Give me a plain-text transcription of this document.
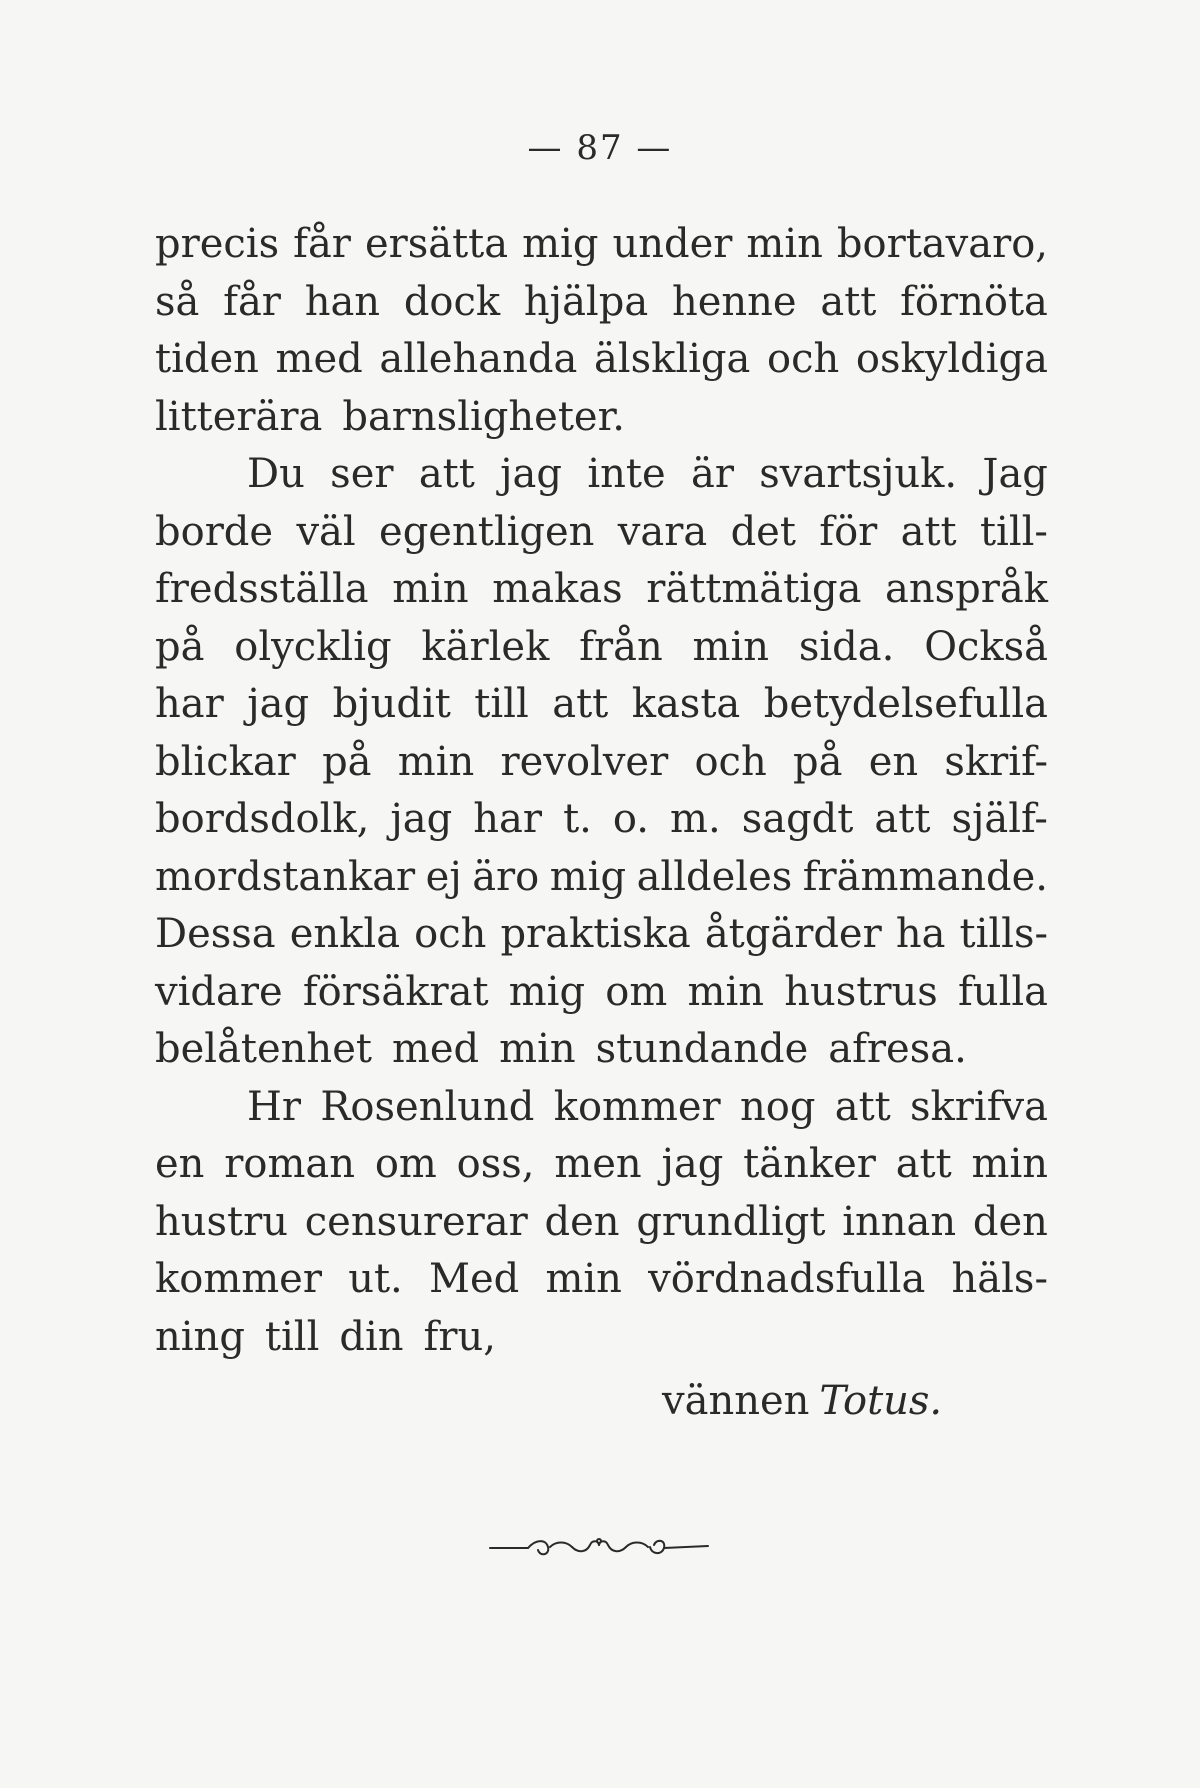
— 87 —
precis får ersätta mig under min bortavaro,
så får han dock hjälpa henne att förnöta
tiden med allehanda älskliga och oskyldiga
litterära barnsligheter.
Du ser att jag inte är svartsjuk. Jag
borde väl egentligen vara det för att till-
fredsställa min makas rättmätiga anspråk
på olycklig kärlek från min sida. Också
har jag bjudit till att kasta betydelsefulla
blickar på min revolver och på en skrif-
bordsdolk, jag har t. o. m. sagdt att själf-
mordstankar ej äro mig alldeles främmande.
Dessa enkla och praktiska åtgärder ha tills-
vidare försäkrat mig om min hustrus fulla
belåtenhet med min stundande afresa.
Hr Rosenlund kommer nog att skrifva
en roman om oss, men jag tänker att min
hustru censurerar den grundligt innan den
kommer ut. Med min vördnadsfulla häls-
ning till din fru,
vännen Totus.
